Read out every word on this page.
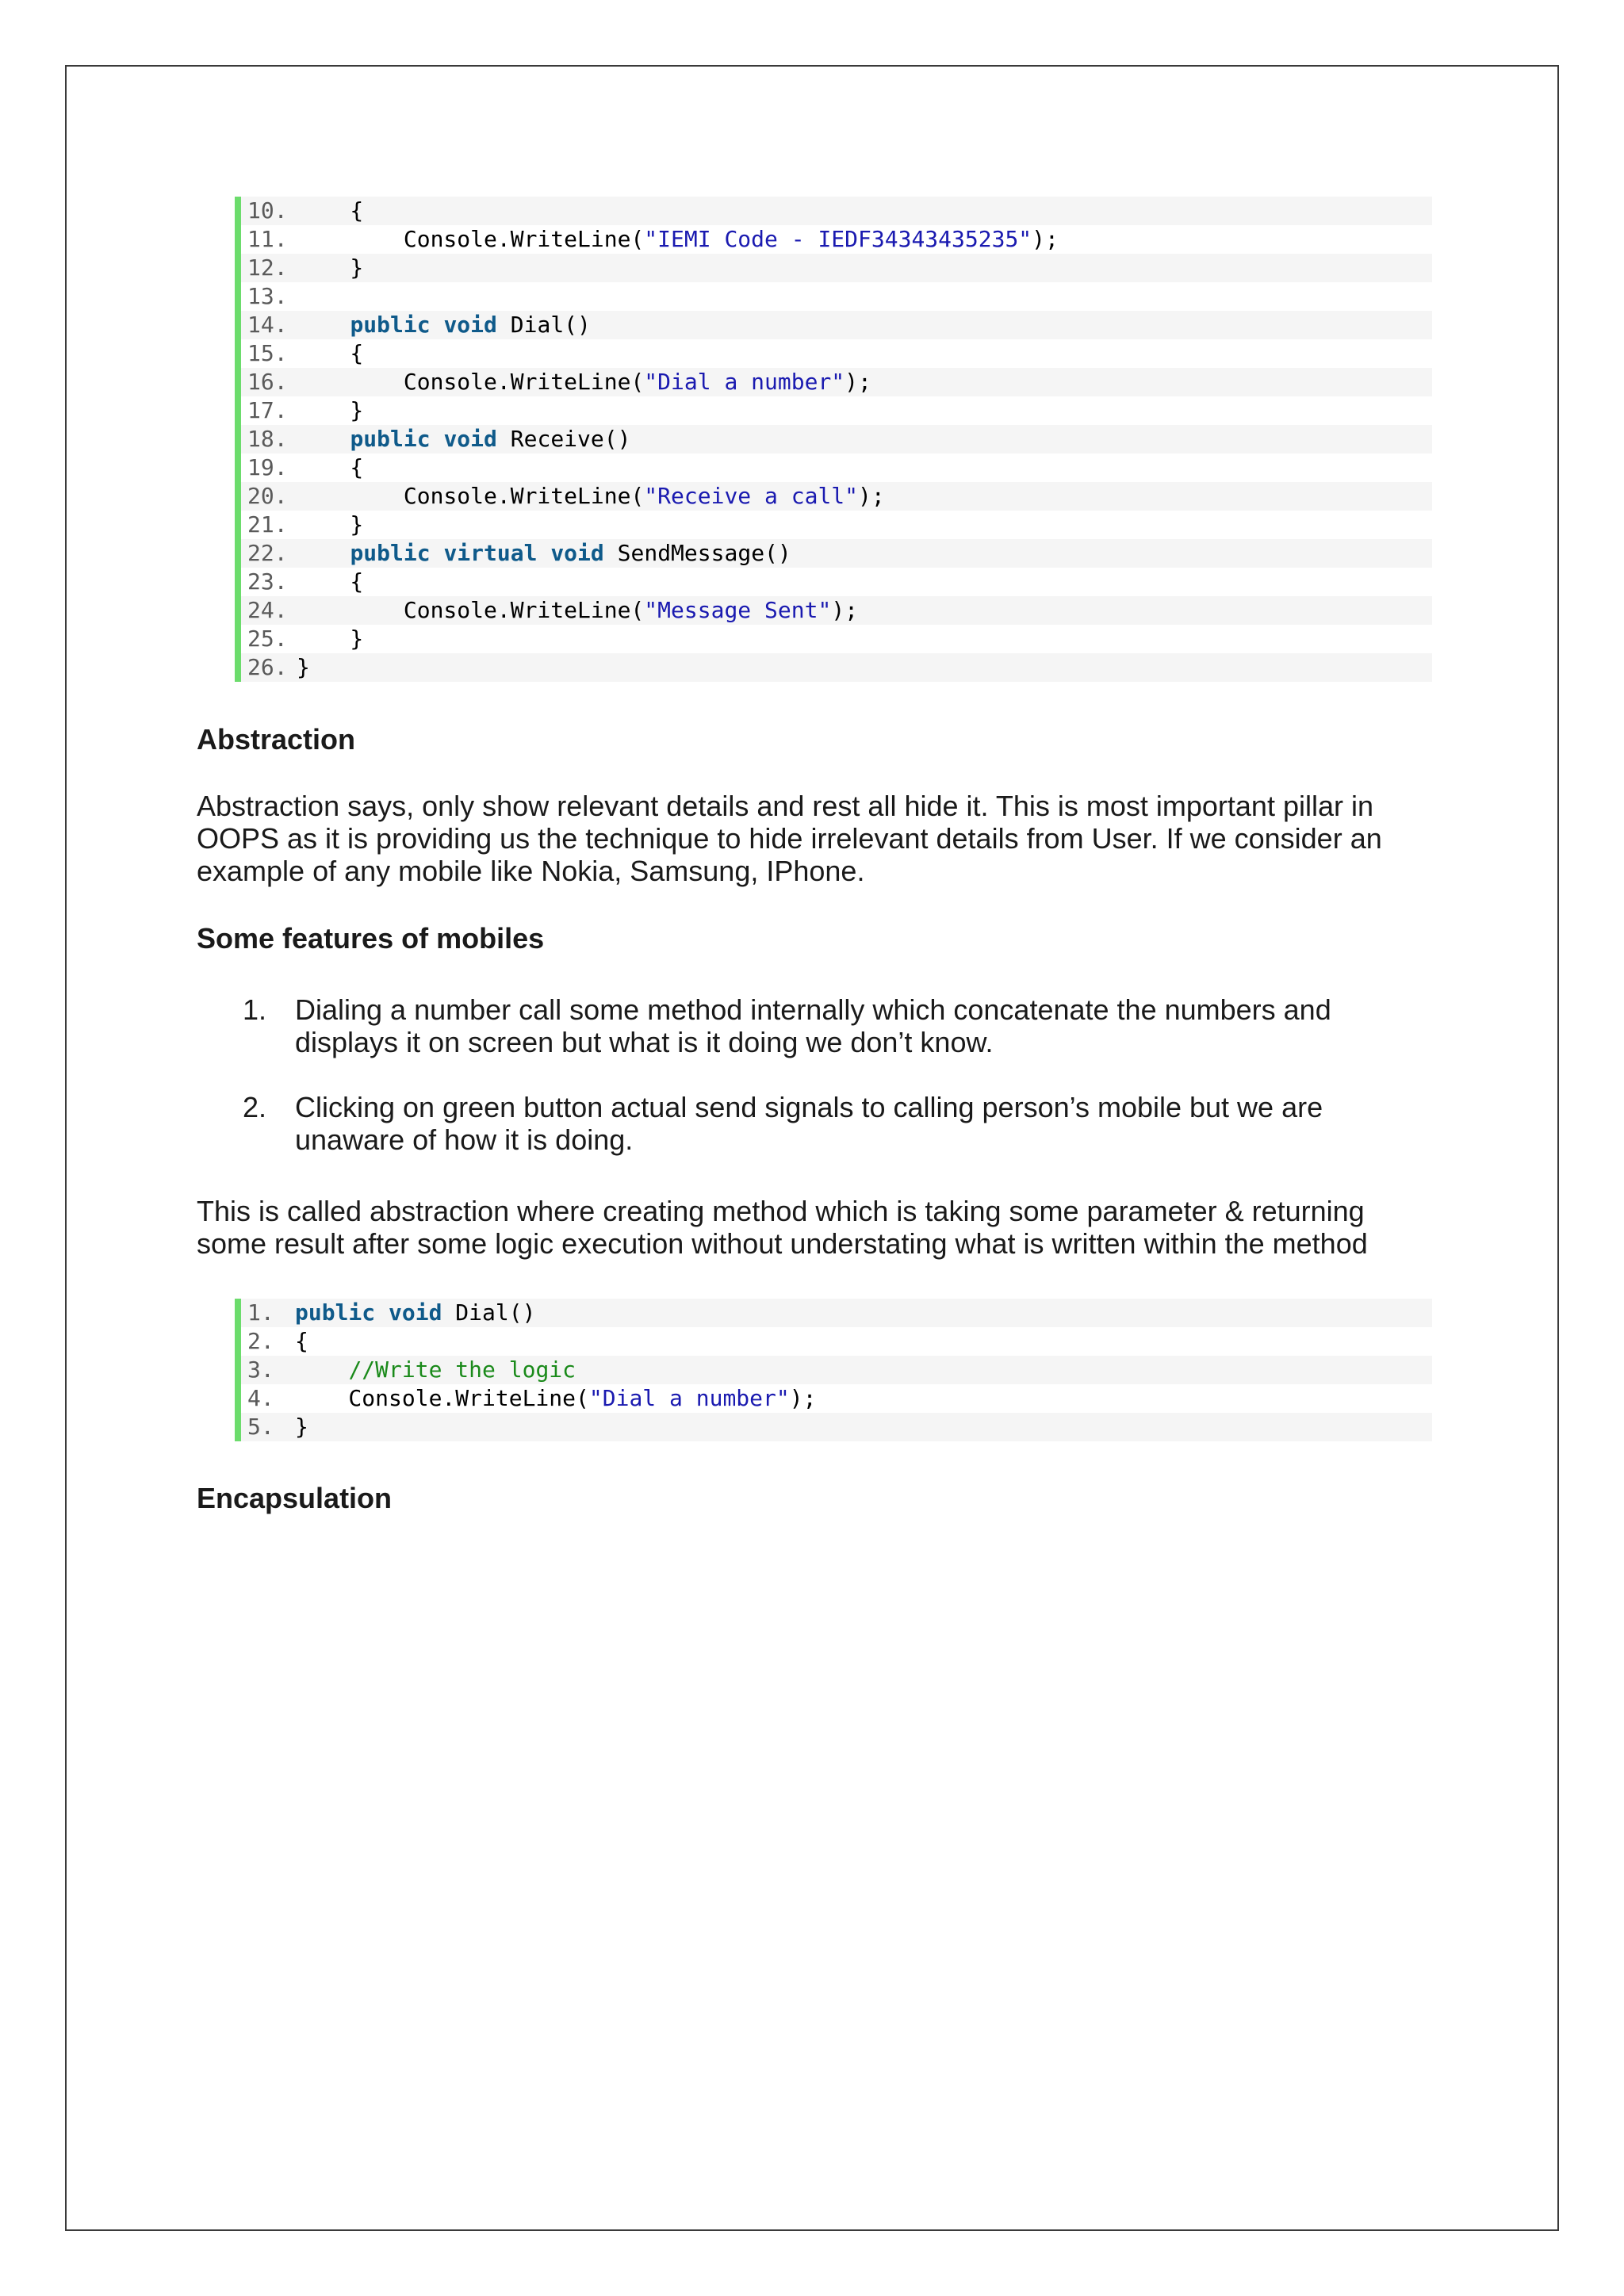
10. {
11. Console.WriteLine("IEMI Code - IEDF34343435235");
12. }
13.
14.	public void Dial()
15. {
16. Console.WriteLine("Dial a number");
17. }
18.	public void Receive()
19. {
20. Console.WriteLine("Receive a call");
21. }
22.	public virtual void SendMessage()
23. {
24. Console.WriteLine("Message Sent");
25. }
26. }
Abstraction

Abstraction says, only show relevant details and rest all hide it. This is most important pillar in OOPS as it is providing us the technique to hide irrelevant details from User. If we consider an example of any mobile like Nokia, Samsung, IPhone.

Some features of mobiles
1. Dialing a number call some method internally which concatenate the numbers and displays it on screen but what is it doing we don’t know.
2. Clicking on green button actual send signals to calling person’s mobile but we are unaware of how it is doing.

This is called abstraction where creating method which is taking some parameter & returning some result after some logic execution without understating what is written within the method

1. public void Dial()
2. {
3.	//Write the logic
4. Console.WriteLine("Dial a number");
5. }
Encapsulation
